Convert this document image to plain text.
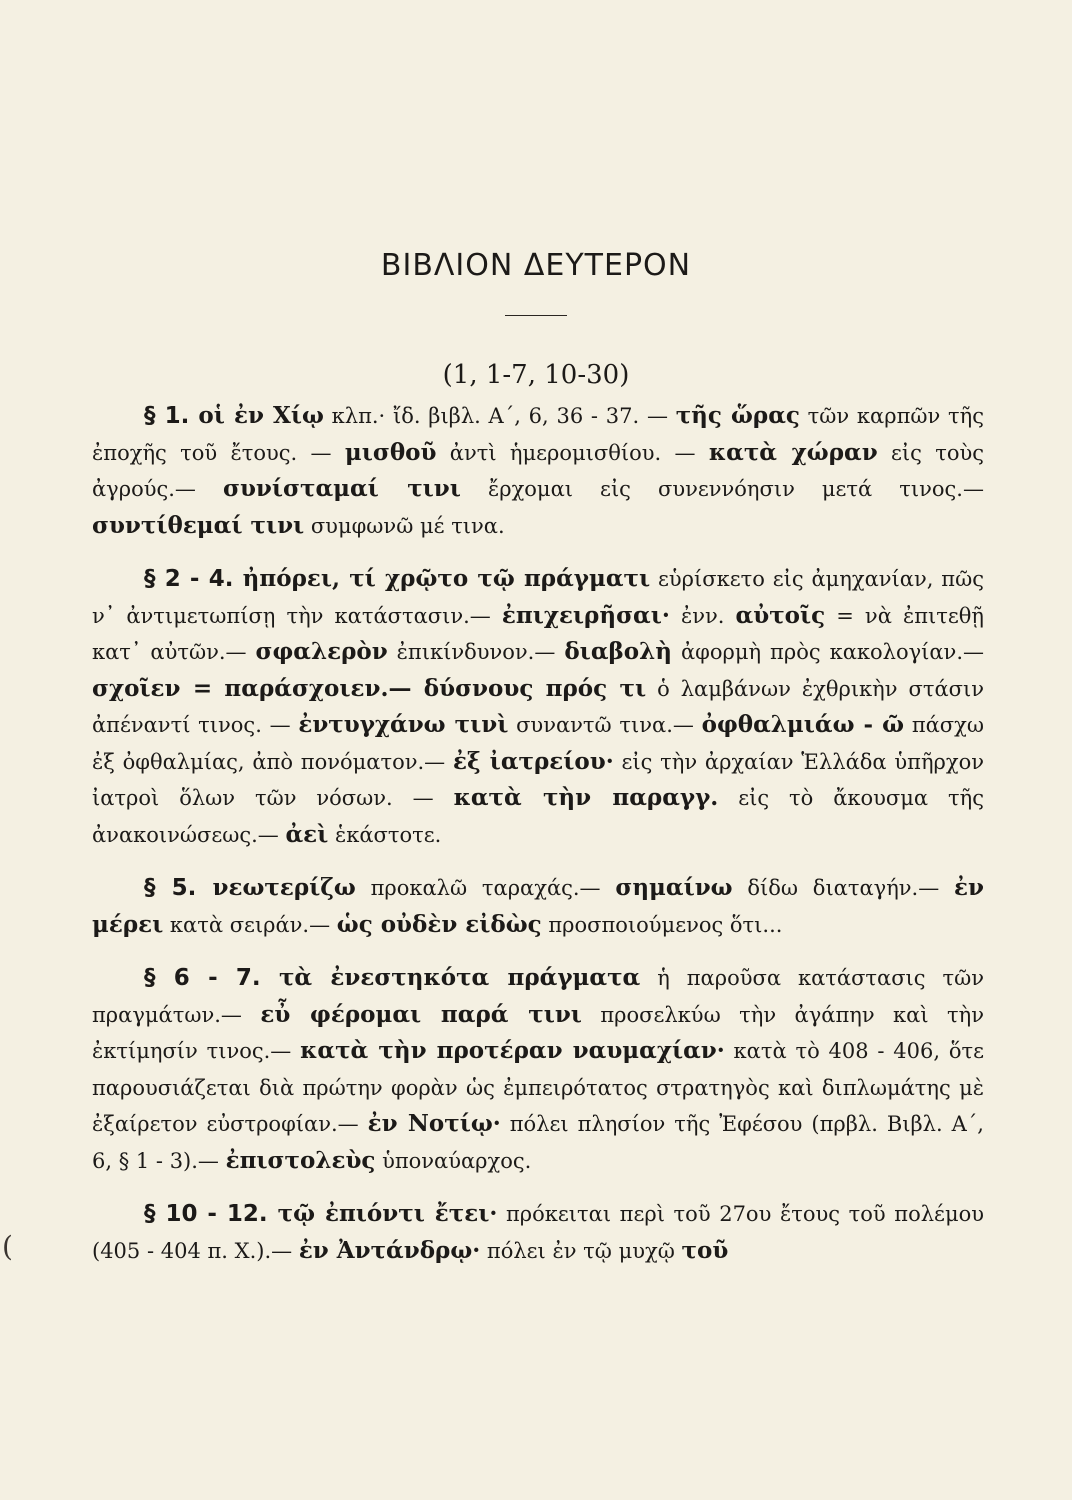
ΒΙΒΛΙΟΝ ΔΕΥΤΕΡΟΝ
(1, 1-7, 10-30)
(

§ 1. οἱ ἐν Χίῳ κλπ.· ἴδ. βιβλ. Α΄, 6, 36 - 37. — τῆς ὥρας τῶν καρπῶν τῆς ἐποχῆς τοῦ ἔτους. — μισθοῦ ἀντὶ ἡμερομισθίου. — κατὰ χώραν εἰς τοὺς ἀγρούς.— συνίσταμαί τινι ἔρχομαι εἰς συνεννόησιν μετά τινος.— συντίθεμαί τινι συμφωνῶ μέ τινα.

§ 2 - 4. ἠπόρει, τί χρῷτο τῷ πράγματι εὑρίσκετο εἰς ἀμηχανίαν, πῶς ν᾿ ἀντιμετωπίσῃ τὴν κατάστασιν.— ἐπιχειρῆσαι· ἐνν. αὐτοῖς = νὰ ἐπιτεθῇ κατ᾿ αὐτῶν.— σφαλερὸν ἐπικίνδυνον.— διαβολὴ ἀφορμὴ πρὸς κακολογίαν.— σχοῖεν = παράσχοιεν.— δύσνους πρός τι ὁ λαμβάνων ἐχθρικὴν στάσιν ἀπέναντί τινος. — ἐντυγχάνω τινὶ συναντῶ τινα.— ὀφθαλμιάω - ῶ πάσχω ἐξ ὀφθαλμίας, ἀπὸ πονόματον.— ἐξ ἰατρείου· εἰς τὴν ἀρχαίαν Ἑλλάδα ὑπῆρχον ἰατροὶ ὅλων τῶν νόσων. — κατὰ τὴν παραγγ. εἰς τὸ ἄκουσμα τῆς ἀνακοινώσεως.— ἀεὶ ἑκάστοτε.

§ 5. νεωτερίζω προκαλῶ ταραχάς.— σημαίνω δίδω διαταγήν.— ἐν μέρει κατὰ σειράν.— ὡς οὐδὲν εἰδὼς προσποιούμενος ὅτι...

§ 6 - 7. τὰ ἐνεστηκότα πράγματα ἡ παροῦσα κατάστασις τῶν πραγμάτων.— εὖ φέρομαι παρά τινι προσελκύω τὴν ἀγάπην καὶ τὴν ἐκτίμησίν τινος.— κατὰ τὴν προτέραν ναυμαχίαν· κατὰ τὸ 408 - 406, ὅτε παρουσιάζεται διὰ πρώτην φορὰν ὡς ἐμπειρότατος στρατηγὸς καὶ διπλωμάτης μὲ ἐξαίρετον εὐστροφίαν.— ἐν Νοτίῳ· πόλει πλησίον τῆς Ἐφέσου (πρβλ. Βιβλ. Α΄, 6, § 1 - 3).— ἐπιστολεὺς ὑποναύαρχος.

§ 10 - 12. τῷ ἐπιόντι ἔτει· πρόκειται περὶ τοῦ 27ου ἔτους τοῦ πολέμου (405 - 404 π. Χ.).— ἐν Ἀντάνδρῳ· πόλει ἐν τῷ μυχῷ τοῦ
